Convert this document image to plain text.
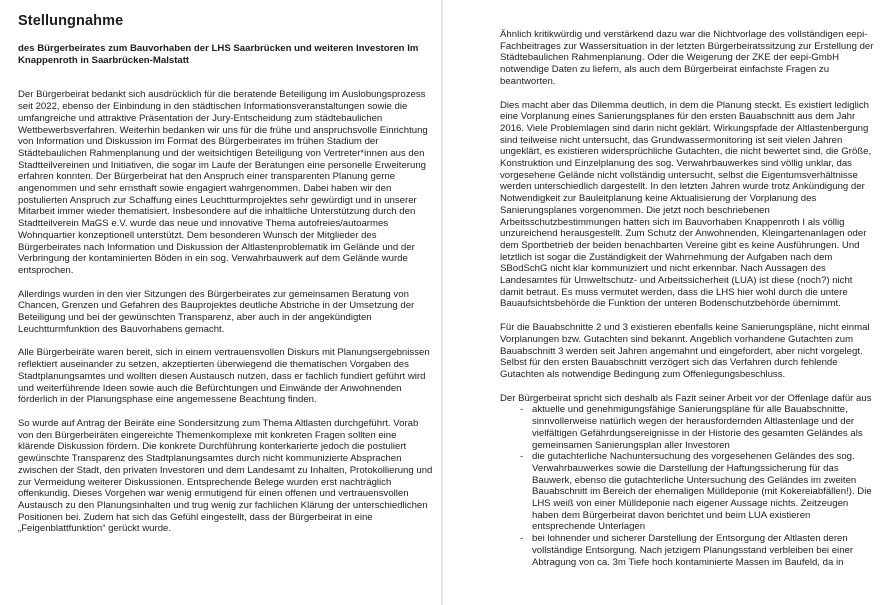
Stellungnahme
des Bürgerbeirates zum Bauvorhaben der LHS Saarbrücken und weiteren Investoren Im Knappenroth in Saarbrücken-Malstatt

Der Bürgerbeirat bedankt sich ausdrücklich für die beratende Beteiligung im Auslobungsprozess seit 2022, ebenso der Einbindung in den städtischen Informationsveranstaltungen sowie die umfangreiche und attraktive Präsentation der Jury-Entscheidung zum städtebaulichen Wettbewerbsverfahren. Weiterhin bedanken wir uns für die frühe und anspruchsvolle Einrichtung von Information und Diskussion im Format des Bürgerbeirates im frühen Stadium der Städtebaulichen Rahmenplanung und der weitsichtigen Beteiligung von Vertreter*innen aus den Stadtteilvereinen und Initiativen, die sogar im Laufe der Beratungen eine personelle Erweiterung erfahren konnten. Der Bürgerbeirat hat den Anspruch einer transparenten Planung gerne angenommen und sehr ernsthaft sowie engagiert wahrgenommen. Dabei haben wir den postulierten Anspruch zur Schaffung eines Leuchtturmprojektes sehr gewürdigt und in unserer Mitarbeit immer wieder thematisiert. Insbesondere auf die inhaltliche Unterstützung durch den Stadtteilverein MaGS e.V. wurde das neue und innovative Thema autofreies/autoarmes Wohnquartier konzeptionell unterstützt. Dem besonderen Wunsch der Mitglieder des Bürgerbeirates nach Information und Diskussion der Altlastenproblematik im Gelände und der Verbringung der kontaminierten Böden in ein sog. Verwahrbauwerk auf dem Gelände wurde entsprochen.

Allerdings wurden in den vier Sitzungen des Bürgerbeirates zur gemeinsamen Beratung von Chancen, Grenzen und Gefahren des Bauprojektes deutliche Abstriche in der Umsetzung der Beteiligung und bei der gewünschten Transparenz, aber auch in der angekündigten Leuchtturmfunktion des Bauvorhabens gemacht.

Alle Bürgerbeiräte waren bereit, sich in einem vertrauensvollen Diskurs mit Planungsergebnissen reflektiert auseinander zu setzen, akzeptierten überwiegend die thematischen Vorgaben des Stadtplanungsamtes und wollten diesen Austausch nutzen, dass er fachlich fundiert geführt wird und weiterführende Ideen sowie auch die Befürchtungen und Einwände der Anwohnenden förderlich in der Planungsphase eine angemessene Beachtung finden.

So wurde auf Antrag der Beiräte eine Sondersitzung zum Thema Altlasten durchgeführt. Vorab von den Bürgerbeiräten eingereichte Themenkomplexe mit konkreten Fragen sollten eine klärende Diskussion fördern. Die konkrete Durchführung konterkarierte jedoch die postuliert gewünschte Transparenz des Stadtplanungsamtes durch nicht kommunizierte Absprachen zwischen der Stadt, den privaten Investoren und dem Landesamt zu Inhalten, Protokollierung und zur Vermeidung weiterer Diskussionen. Entsprechende Belege wurden erst nachträglich offenkundig. Dieses Vorgehen war wenig ermutigend für einen offenen und vertrauensvollen Austausch zu den Planungsinhalten und trug wenig zur fachlichen Klärung der unterschiedlichen Positionen bei. Zudem hat sich das Gefühl eingestellt, dass der Bürgerbeirat in eine „Feigenblattfunktion“ gerückt wurde.

Ähnlich kritikwürdig und verstärkend dazu war die Nichtvorlage des vollständigen eepi-Fachbeitrages zur Wassersituation in der letzten Bürgerbeiratssitzung zur Erstellung der Städtebaulichen Rahmenplanung. Oder die Weigerung der ZKE der eepi-GmbH notwendige Daten zu liefern, als auch dem Bürgerbeirat einfachste Fragen zu beantworten.

Dies macht aber das Dilemma deutlich, in dem die Planung steckt. Es existiert lediglich eine Vorplanung eines Sanierungsplanes für den ersten Bauabschnitt aus dem Jahr 2016. Viele Problemlagen sind darin nicht geklärt. Wirkungspfade der Altlastenbergung sind teilweise nicht untersucht, das Grundwassermonitoring ist seit vielen Jahren ungeklärt, es existieren widersprüchliche Gutachten, die nicht bewertet sind, die Größe, Konstruktion und Einzelplanung des sog. Verwahrbauwerkes sind völlig unklar, das vorgesehene Gelände nicht vollständig untersucht, selbst die Eigentumsverhältnisse werden unterschiedlich dargestellt. In den letzten Jahren wurde trotz Ankündigung der Notwendigkeit zur Bauleitplanung keine Aktualisierung der Vorplanung des Sanierungsplanes vorgenommen. Die jetzt noch beschriebenen Arbeitsschutzbestimmungen hatten sich im Bauvorhaben Knappenroth I als völlig unzureichend herausgestellt. Zum Schutz der Anwohnenden, Kleingartenanlagen oder dem Sportbetrieb der beiden benachbarten Vereine gibt es keine Ausführungen. Und letztlich ist sogar die Zuständigkeit der Wahrnehmung der Aufgaben nach dem SBodSchG nicht klar kommuniziert und nicht erkennbar. Nach Aussagen des Landesamtes für Umweltschutz- und Arbeitssicherheit (LUA) ist diese (noch?) nicht damit betraut. Es muss vermutet werden, dass die LHS hier wohl durch die untere Bauaufsichtsbehörde die Funktion der unteren Bodenschutzbehörde übernimmt.

Für die Bauabschnitte 2 und 3 existieren ebenfalls keine Sanierungspläne, nicht einmal Vorplanungen bzw. Gutachten sind bekannt. Angeblich vorhandene Gutachten zum Bauabschnitt 3 werden seit Jahren angemahnt und eingefordert, aber nicht vorgelegt. Selbst für den ersten Bauabschnitt verzögert sich das Verfahren durch fehlende Gutachten als notwendige Bedingung zum Offenlegungsbeschluss.

Der Bürgerbeirat spricht sich deshalb als Fazit seiner Arbeit vor der Offenlage dafür aus

- aktuelle und genehmigungsfähige Sanierungspläne für alle Bauabschnitte, sinnvollerweise natürlich wegen der herausfordernden Altlastenlage und der vielfältigen Gefährdungsereignisse in der Historie des gesamten Geländes als gemeinsamen Sanierungsplan aller Investoren
- die gutachterliche Nachuntersuchung des vorgesehenen Geländes des sog. Verwahrbauwerkes sowie die Darstellung der Haftungssicherung für das Bauwerk, ebenso die gutachterliche Untersuchung des Geländes im zweiten Bauabschnitt im Bereich der ehemaligen Mülldeponie (mit Kokereiabfällen!). Die LHS weiß von einer Mülldeponie nach eigener Aussage nichts. Zeitzeugen haben dem Bürgerbeirat davon berichtet und beim LUA existieren entsprechende Unterlagen
- bei lohnender und sicherer Darstellung der Entsorgung der Altlasten deren vollständige Entsorgung. Nach jetzigem Planungsstand verbleiben bei einer Abtragung von ca. 3m Tiefe hoch kontaminierte Massen im Baufeld, da in
